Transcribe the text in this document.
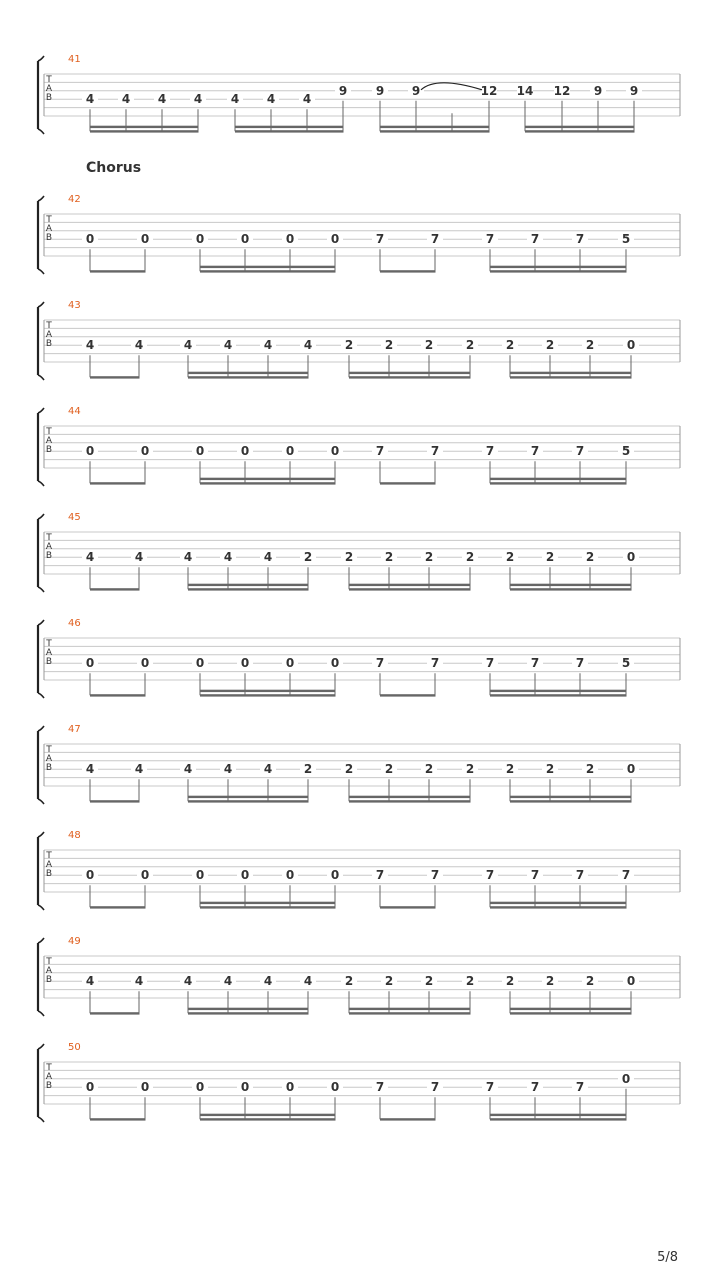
Chorus
41
T
A
B	4 4 4 4 4 4 4
9 9 9	12 14 12 9 9
42
T
A
B	0	0	0	0	0	0	7	7	7	7	7	5
43
T
A
B	4	4	4	4	4	4	2	2	2	2	2	2	2	0
44
T
A
B	0	0	0	0	0	0	7	7	7	7	7	5
45
T
A
B	4	4	4	4	4	2	2	2	2	2	2	2	2	0
46
T
A
B	0	0	0	0	0	0	7	7	7	7	7	5
47
T
A
B	4	4	4	4	4	2	2	2	2	2	2	2	2	0
48
T
A
B	0	0	0	0	0	0	7	7	7	7	7	7
49
T
A
B	4	4	4	4	4	4	2	2	2	2	2	2	2	0
50
T
A
B	0	0	0	0	0	0	7	7	7	7	7
0
5/8
